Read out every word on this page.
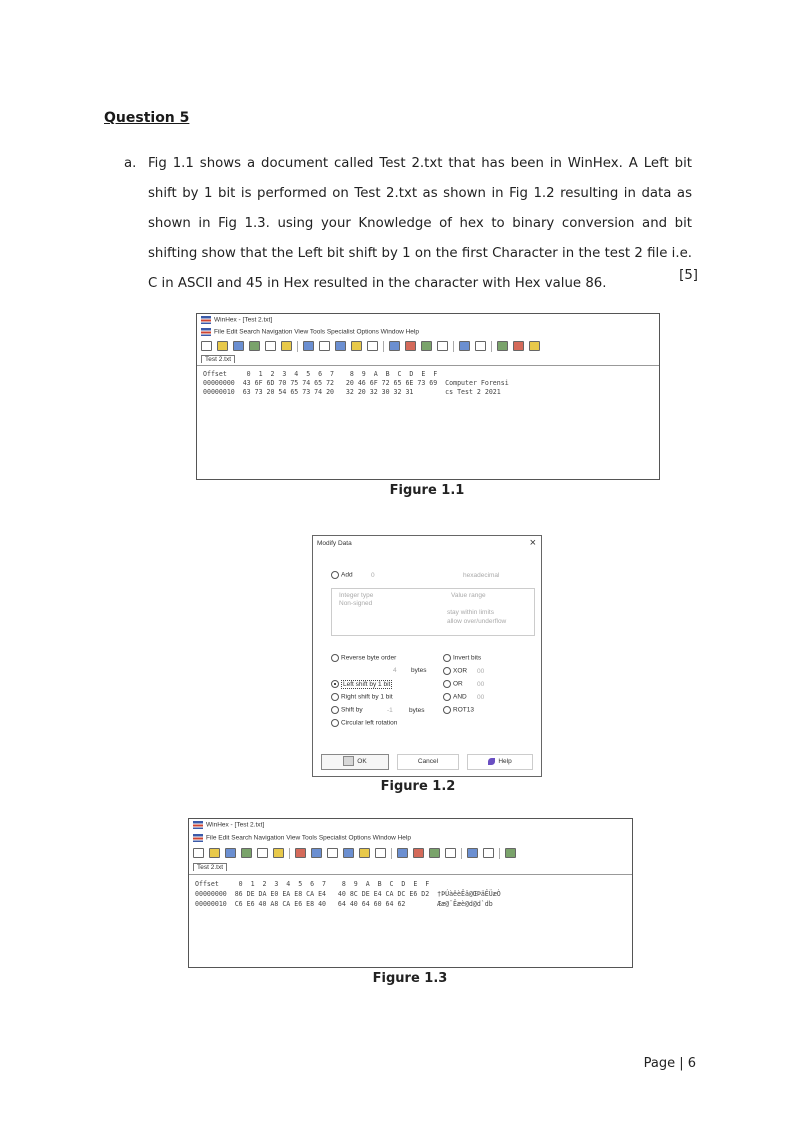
Question 5
a. Fig 1.1 shows a document called Test 2.txt that has been in WinHex. A Left bit shift by 1 bit is performed on Test 2.txt as shown in Fig 1.2 resulting in data as shown in Fig 1.3. using your Knowledge of hex to binary conversion and bit shifting show that the Left bit shift by 1 on the first Character in the test 2 file i.e. C in ASCII and 45 in Hex resulted in the character with Hex value 86.
[5]
WinHex - [Test 2.txt]
File Edit Search Navigation View Tools Specialist Options Window Help
Test 2.txt
Offset     0  1  2  3  4  5  6  7    8  9  A  B  C  D  E  F
00000000  43 6F 6D 70 75 74 65 72   20 46 6F 72 65 6E 73 69  Computer Forensi
00000010  63 73 20 54 65 73 74 20   32 20 32 30 32 31        cs Test 2 2021
Figure 1.1
Modify Data	×
Add	0	hexadecimal
Integer type
Non-signed
Value range
stay within limits
allow over/underflow
Reverse byte order
4 bytes
Left shift by 1 bit
Right shift by 1 bit
Shift by	-1 bytes
Circular left rotation
Invert bits
XOR 00
OR 00
AND 00
ROT13
OK	Cancel	Help
Figure 1.2
WinHex - [Test 2.txt]
File Edit Search Navigation View Tools Specialist Options Window Help
Test 2.txt
Offset     0  1  2  3  4  5  6  7    8  9  A  B  C  D  E  F
00000000  86 DE DA E0 EA E8 CA E4   40 8C DE E4 CA DC E6 D2  †ÞÚàêèÊä@ŒÞäÊÜæÒ
00000010  C6 E6 40 A8 CA E6 E8 40   64 40 64 60 64 62        Ææ@¨Êæè@d@d`db
Figure 1.3
Page | 6
